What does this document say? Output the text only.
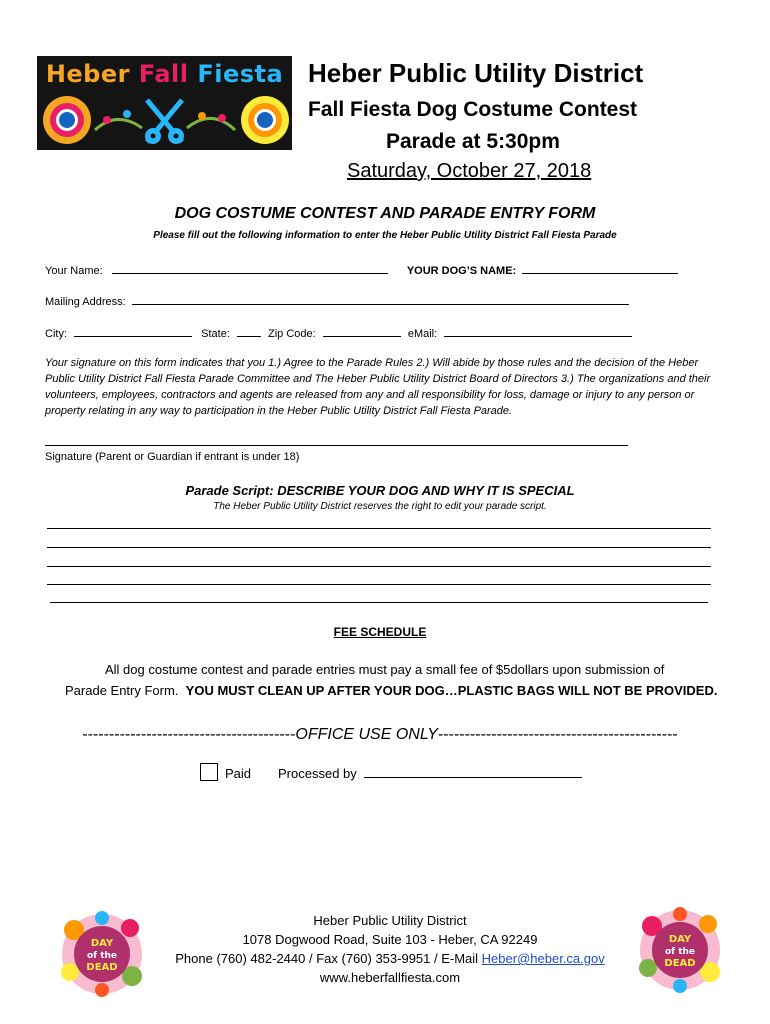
Heber Fall Fiesta Heber Public Utility District
Fall Fiesta Dog Costume Contest
Parade at 5:30pm
Saturday, October 27, 2018
DOG COSTUME CONTEST AND PARADE ENTRY FORM
Please fill out the following information to enter the Heber Public Utility District Fall Fiesta Parade
Your Name:	YOUR DOG’S NAME:
Mailing Address:
City:	State:	Zip Code:	eMail:
Your signature on this form indicates that you 1.) Agree to the Parade Rules 2.) Will abide by those rules and the decision of the Heber Public Utility District Fall Fiesta Parade Committee and The Heber Public Utility District Board of Directors 3.) The organizations and their volunteers, employees, contractors and agents are released from any and all responsibility for loss, damage or injury to any person or property relating in any way to participation in the Heber Public Utility District Fall Fiesta Parade.
Signature (Parent or Guardian if entrant is under 18)
Parade Script: DESCRIBE YOUR DOG AND WHY IT IS SPECIAL
The Heber Public Utility District reserves the right to edit your parade script.
FEE SCHEDULE
All dog costume contest and parade entries must pay a small fee of $5dollars upon submission of
Parade Entry Form.  YOU MUST CLEAN UP AFTER YOUR DOG…PLASTIC BAGS WILL NOT BE PROVIDED.
----------------------------------------OFFICE USE ONLY---------------------------------------------
Paid Processed by
Heber Public Utility District
1078 Dogwood Road, Suite 103 - Heber, CA 92249
Phone (760) 482-2440 / Fax (760) 353-9951 / E-Mail Heber@heber.ca.gov
www.heberfallfiesta.com
DAY
of the
DEAD
DAY
of the
DEAD
